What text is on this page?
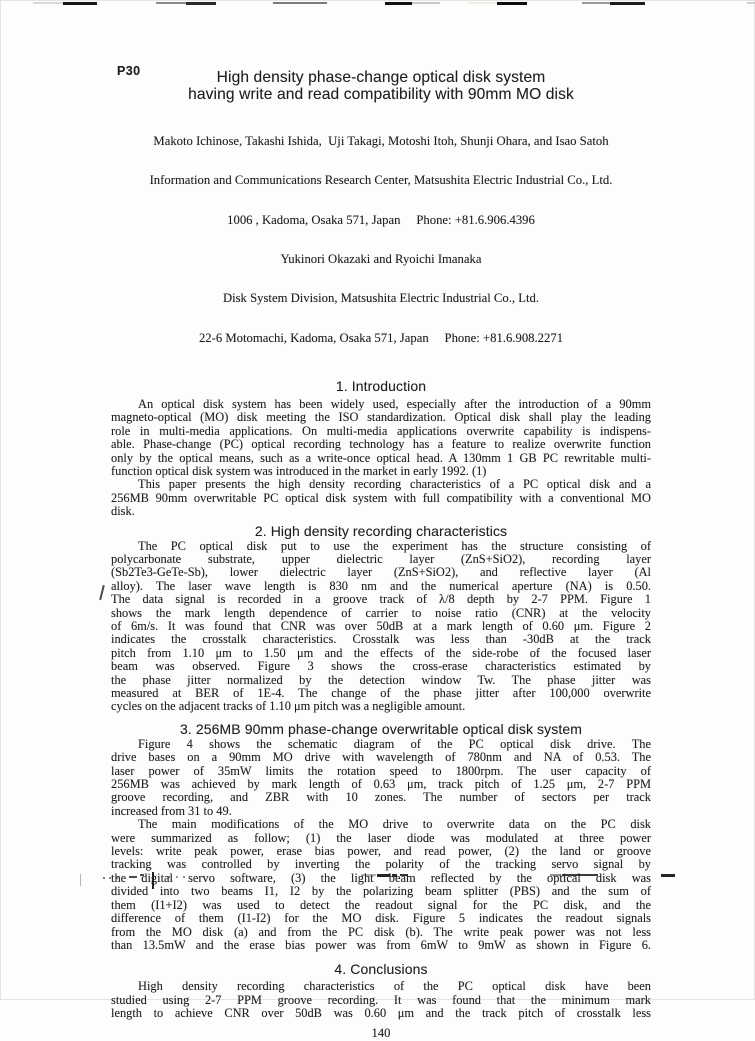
P30	High density phase-change optical disk system
having write and read compatibility with 90mm MO disk

Makoto Ichinose, Takashi Ishida,  Uji Takagi, Motoshi Itoh, Shunji Ohara, and Isao Satoh

Information and Communications Research Center, Matsushita Electric Industrial Co., Ltd.

1006 , Kadoma, Osaka 571, Japan     Phone: +81.6.906.4396

Yukinori Okazaki and Ryoichi Imanaka

Disk System Division, Matsushita Electric Industrial Co., Ltd.

22-6 Motomachi, Kadoma, Osaka 571, Japan     Phone: +81.6.908.2271

1. Introduction
An optical disk system has been widely used, especially after the introduction of a 90mm
magneto-optical (MO) disk meeting the ISO standardization. Optical disk shall play the leading
role in multi-media applications. On multi-media applications overwrite capability is indispens-
able. Phase-change (PC) optical recording technology has a feature to realize overwrite function
only by the optical means, such as a write-once optical head. A 130mm 1 GB PC rewritable multi-
function optical disk system was introduced in the market in early 1992. (1)
This paper presents the high density recording characteristics of a PC optical disk and a
256MB 90mm overwritable PC optical disk system with full compatibility with a conventional MO
disk.
2. High density recording characteristics
The PC optical disk put to use the experiment has the structure consisting of
polycarbonate substrate, upper dielectric layer (ZnS+SiO2), recording layer
(Sb2Te3-GeTe-Sb), lower dielectric layer (ZnS+SiO2), and reflective layer (Al
alloy). The laser wave length is 830 nm and the numerical aperture (NA) is 0.50.
The data signal is recorded in a groove track of λ/8 depth by 2-7 PPM. Figure 1
shows the mark length dependence of carrier to noise ratio (CNR) at the velocity
of 6m/s. It was found that CNR was over 50dB at a mark length of 0.60 μm. Figure 2
indicates the crosstalk characteristics. Crosstalk was less than -30dB at the track
pitch from 1.10 μm to 1.50 μm and the effects of the side-robe of the focused laser
beam was observed. Figure 3 shows the cross-erase characteristics estimated by
the phase jitter normalized by the detection window Tw. The phase jitter was
measured at BER of 1E-4. The change of the phase jitter after 100,000 overwrite
cycles on the adjacent tracks of 1.10 μm pitch was a negligible amount.
3. 256MB 90mm phase-change overwritable optical disk system
Figure 4 shows the schematic diagram of the PC optical disk drive. The
drive bases on a 90mm MO drive with wavelength of 780nm and NA of 0.53. The
laser power of 35mW limits the rotation speed to 1800rpm. The user capacity of
256MB was achieved by mark length of 0.63 μm, track pitch of 1.25 μm, 2-7 PPM
groove recording, and ZBR with 10 zones. The number of sectors per track
increased from 31 to 49.
The main modifications of the MO drive to overwrite data on the PC disk
were summarized as follow; (1) the laser diode was modulated at three power
levels: write peak power, erase bias power, and read power, (2) the land or groove
tracking was controlled by inverting the polarity of the tracking servo signal by
the digital servo software, (3) the light beam reflected by the optical disk was
divided into two beams I1, I2 by the polarizing beam splitter (PBS) and the sum of
them (I1+I2) was used to detect the readout signal for the PC disk, and the
difference of them (I1-I2) for the MO disk. Figure 5 indicates the readout signals
from the MO disk (a) and from the PC disk (b). The write peak power was not less
than 13.5mW and the erase bias power was from 6mW to 9mW as shown in Figure 6.
4. Conclusions
High density recording characteristics of the PC optical disk have been
studied using 2-7 PPM groove recording. It was found that the minimum mark
length to achieve CNR over 50dB was 0.60 μm and the track pitch of crosstalk less
140
